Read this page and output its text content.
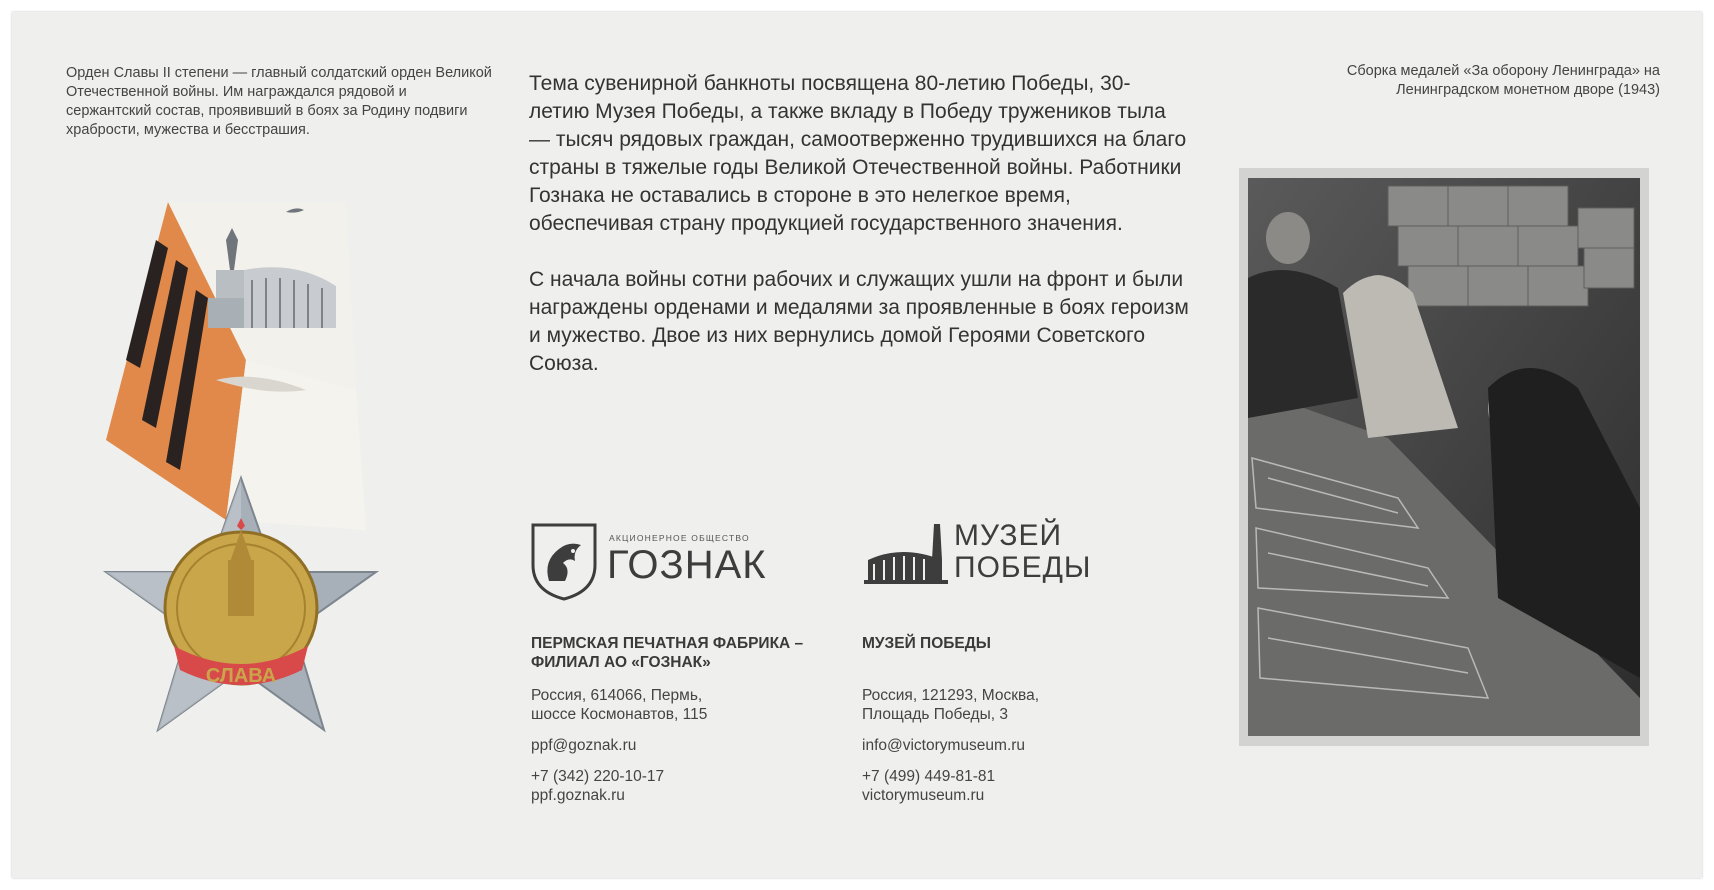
Орден Славы II степени — главный солдатский орден Великой Отечественной войны. Им награждался рядовой и сержантский состав, проявивший в боях за Родину подвиги храбрости, мужества и бесстрашия.

Тема сувенирной банкноты посвящена 80-летию Победы, 30-летию Музея Победы, а также вкладу в Победу тружеников тыла — тысяч рядовых граждан, самоотверженно трудившихся на благо страны в тяжелые годы Великой Отечественной войны. Работники Гознака не оставались в стороне в это нелегкое время, обеспечивая страну продукцией государственного значения.

С начала войны сотни рабочих и служащих ушли на фронт и были награждены орденами и медалями за проявленные в боях героизм и мужество. Двое из них вернулись домой Героями Советского Союза.

Сборка медалей «За оборону Ленинграда» на Ленинградском монетном дворе (1943)
СЛАВА
АКЦИОНЕРНОЕ ОБЩЕСТВО
ГОЗНАК
МУЗЕЙ
ПОБЕДЫ
ПЕРМСКАЯ ПЕЧАТНАЯ ФАБРИКА –
ФИЛИАЛ АО «ГОЗНАК»
Россия, 614066, Пермь,
шоссе Космонавтов, 115
ppf@goznak.ru
+7 (342) 220-10-17
ppf.goznak.ru
МУЗЕЙ ПОБЕДЫ
Россия, 121293, Москва,
Площадь Победы, 3
info@victorymuseum.ru
+7 (499) 449-81-81
victorymuseum.ru
